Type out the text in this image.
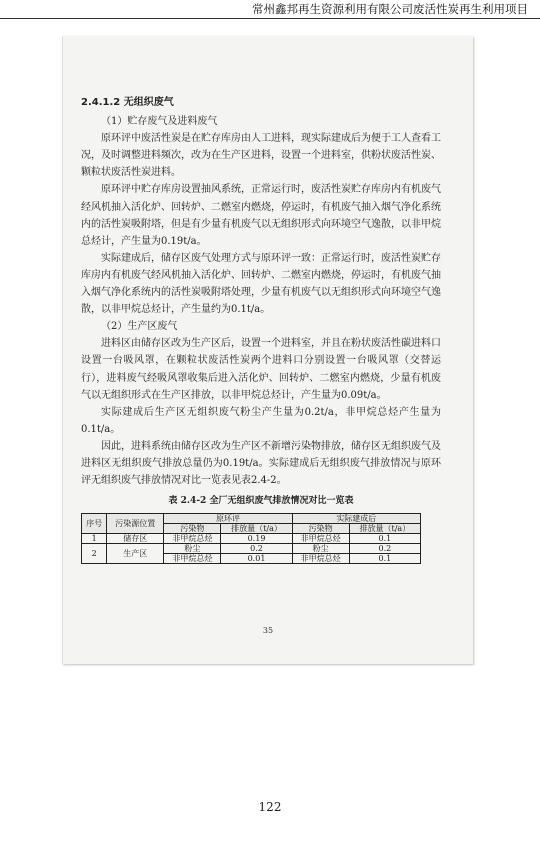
常州鑫邦再生资源利用有限公司废活性炭再生利用项目
2.4.1.2 无组织废气

（1）贮存废气及进料废气

原环评中废活性炭是在贮存库房由人工进料，现实际建成后为便于工人查看工况，及时调整进料频次，改为在生产区进料，设置一个进料室，供粉状废活性炭、颗粒状废活性炭进料。

原环评中贮存库房设置抽风系统，正常运行时，废活性炭贮存库房内有机废气经风机抽入活化炉、回转炉、二燃室内燃烧，停运时，有机废气抽入烟气净化系统内的活性炭吸附塔，但是有少量有机废气以无组织形式向环境空气逸散，以非甲烷总烃计，产生量为0.19t/a。

实际建成后，储存区废气处理方式与原环评一致：正常运行时，废活性炭贮存库房内有机废气经风机抽入活化炉、回转炉、二燃室内燃烧，停运时，有机废气抽入烟气净化系统内的活性炭吸附塔处理，少量有机废气以无组织形式向环境空气逸散，以非甲烷总烃计，产生量约为0.1t/a。

（2）生产区废气

进料区由储存区改为生产区后，设置一个进料室，并且在粉状废活性碳进料口设置一台吸风罩，在颗粒状废活性炭两个进料口分别设置一台吸风罩（交替运行），进料废气经吸风罩收集后进入活化炉、回转炉、二燃室内燃烧，少量有机废气以无组织形式在生产区排放，以非甲烷总烃计，产生量为0.09t/a。

实际建成后生产区无组织废气粉尘产生量为0.2t/a，非甲烷总烃产生量为0.1t/a。

因此，进料系统由储存区改为生产区不新增污染物排放，储存区无组织废气及进料区无组织废气排放总量仍为0.19t/a。实际建成后无组织废气排放情况与原环评无组织废气排放情况对比一览表见表2.4-2。

表 2.4-2 全厂无组织废气排放情况对比一览表
序号	污染源位置	原环评		实际建成后	
		污染物	排放量（t/a）	污染物	排放量（t/a）
1	储存区	非甲烷总烃	0.19	非甲烷总烃	0.1
2	生产区	粉尘	0.2	粉尘	0.2
		非甲烷总烃	0.01	非甲烷总烃	0.1
35
122
